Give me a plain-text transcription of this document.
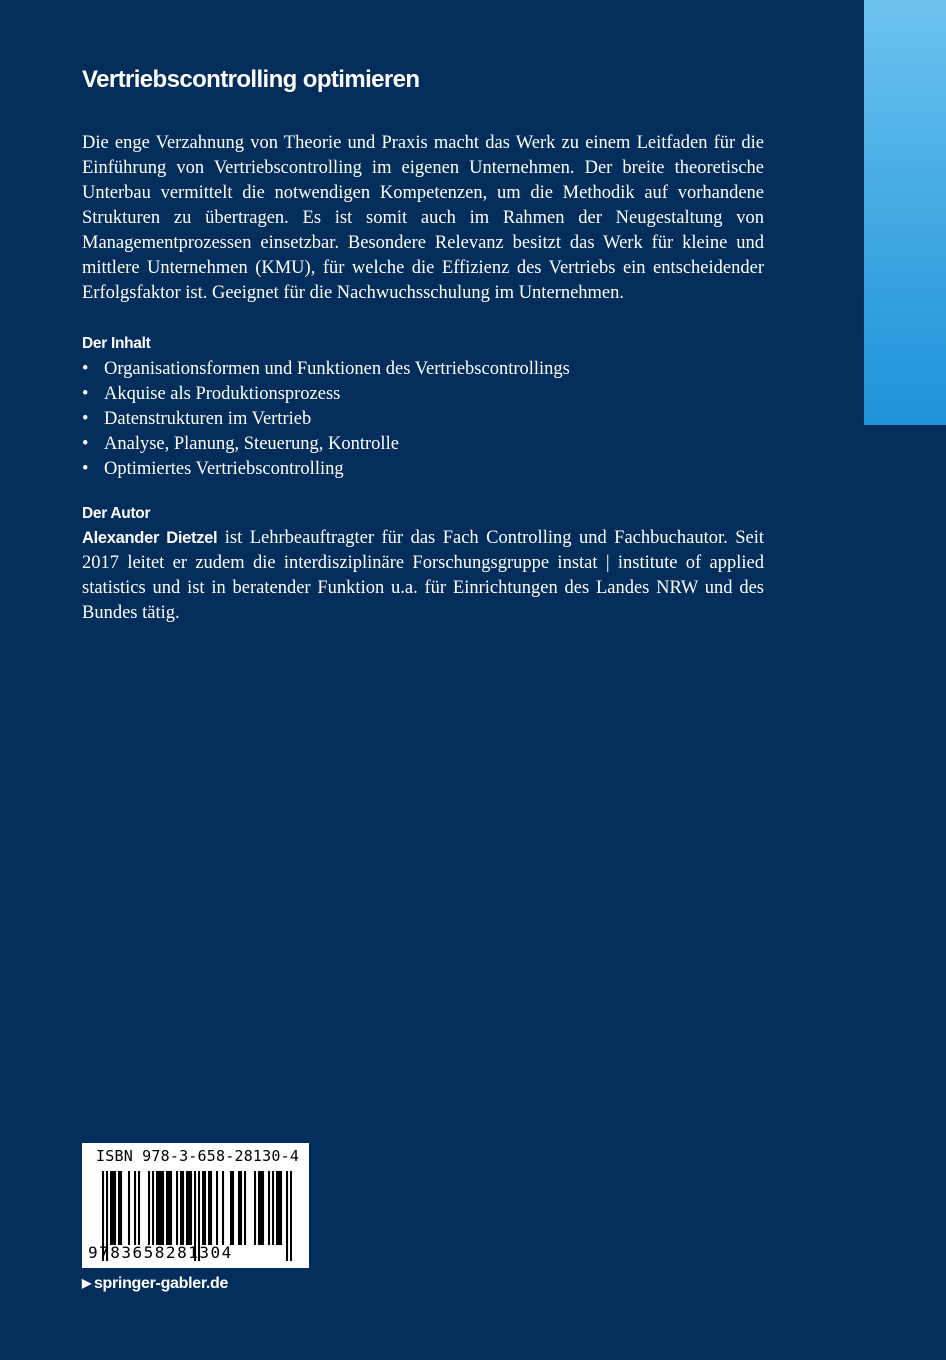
Vertriebscontrolling optimieren

Die enge Verzahnung von Theorie und Praxis macht das Werk zu einem Leitfaden für die Einführung von Vertriebscontrolling im eigenen Unternehmen. Der breite theoretische Unterbau vermittelt die notwendigen Kompetenzen, um die Methodik auf vorhandene Strukturen zu übertragen. Es ist somit auch im Rahmen der Neugestaltung von Managementprozessen einsetzbar. Besondere Relevanz besitzt das Werk für kleine und mittlere Unternehmen (KMU), für welche die Effizienz des Vertriebs ein entscheidender Erfolgsfaktor ist. Geeignet für die Nachwuchsschulung im Unternehmen.

Der Inhalt
• Organisationsformen und Funktionen des Vertriebscontrollings
• Akquise als Produktionsprozess
• Datenstrukturen im Vertrieb
• Analyse, Planung, Steuerung, Kontrolle
• Optimiertes Vertriebscontrolling
Der Autor

Alexander Dietzel ist Lehrbeauftragter für das Fach Controlling und Fachbuchautor. Seit 2017 leitet er zudem die interdisziplinäre Forschungsgruppe instat | institute of applied statistics und ist in beratender Funktion u.a. für Einrichtungen des Landes NRW und des Bundes tätig.

ISBN 978-3-658-28130-4
9783658281304
▶ springer-gabler.de
